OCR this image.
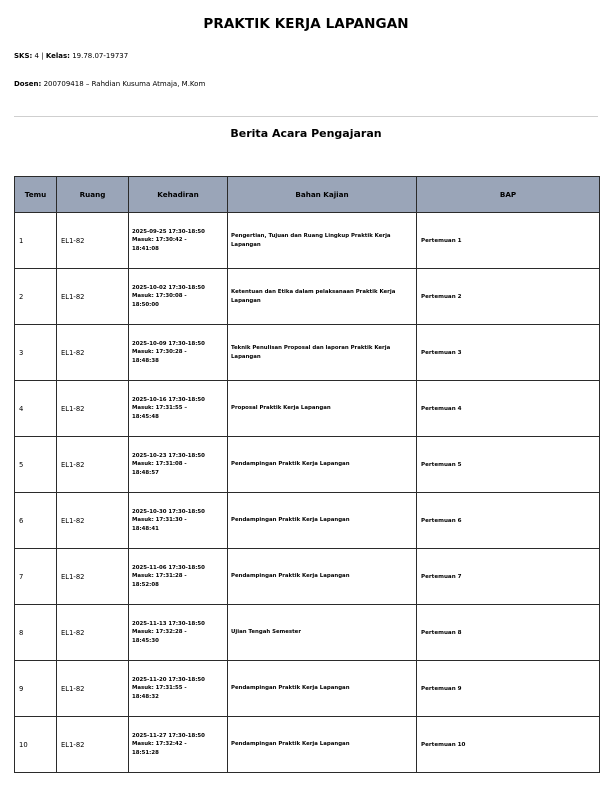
PRAKTIK KERJA LAPANGAN
SKS: 4 | Kelas: 19.78.07-19737
Dosen: 200709418 – Rahdian Kusuma Atmaja, M.Kom
Berita Acara Pengajaran
Temu	Ruang	Kehadiran	Bahan Kajian	BAP
1	EL1-82	2025-09-25 17:30-18:50
Masuk: 17:30:42 -
18:41:08	Pengertian, Tujuan dan Ruang Lingkup Praktik Kerja Lapangan	Pertemuan 1
2	EL1-82	2025-10-02 17:30-18:50
Masuk: 17:30:08 -
18:50:00	Ketentuan dan Etika dalam pelaksanaan Praktik Kerja Lapangan	Pertemuan 2
3	EL1-82	2025-10-09 17:30-18:50
Masuk: 17:30:28 -
18:48:38	Teknik Penulisan Proposal dan laporan Praktik Kerja Lapangan	Pertemuan 3
4	EL1-82	2025-10-16 17:30-18:50
Masuk: 17:31:55 –
18:45:48	Proposal Praktik Kerja Lapangan	Pertemuan 4
5	EL1-82	2025-10-23 17:30-18:50
Masuk: 17:31:08 -
18:48:57	Pendampingan Praktik Kerja Lapangan	Pertemuan 5
6	EL1-82	2025-10-30 17:30-18:50
Masuk: 17:31:30 -
18:48:41	Pendampingan Praktik Kerja Lapangan	Pertemuan 6
7	EL1-82	2025-11-06 17:30-18:50
Masuk: 17:31:28 -
18:52:08	Pendampingan Praktik Kerja Lapangan	Pertemuan 7
8	EL1-82	2025-11-13 17:30-18:50
Masuk: 17:32:28 -
18:45:30	Ujian Tengah Semester	Pertemuan 8
9	EL1-82	2025-11-20 17:30-18:50
Masuk: 17:31:55 -
18:48:32	Pendampingan Praktik Kerja Lapangan	Pertemuan 9
10	EL1-82	2025-11-27 17:30-18:50
Masuk: 17:32:42 -
18:51:28	Pendampingan Praktik Kerja Lapangan	Pertemuan 10
